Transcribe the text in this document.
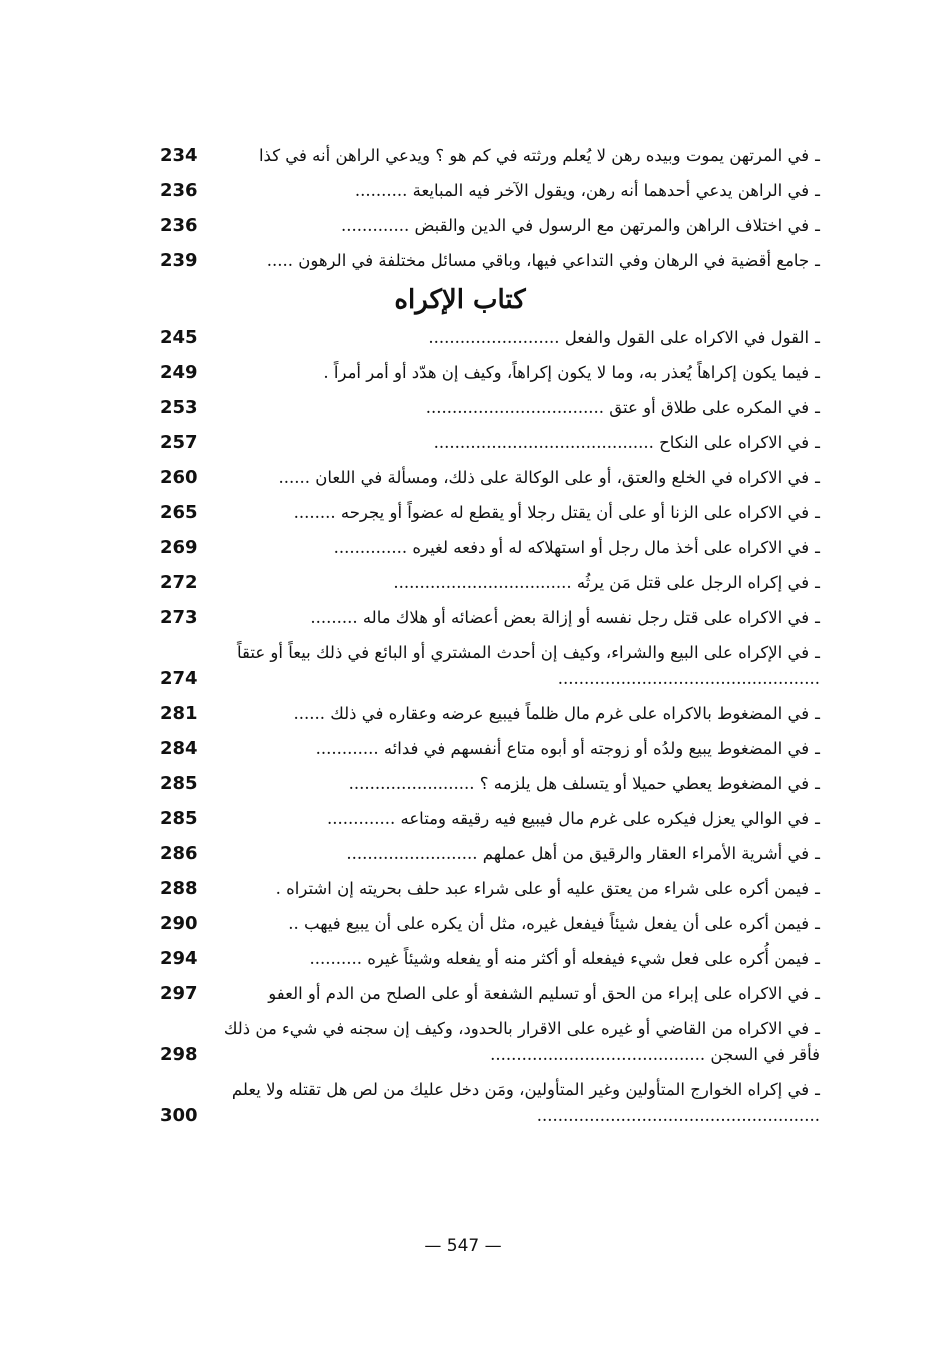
ـفي المرتهن يموت وبيده رهن لا يُعلم ورثته في كم هو ؟ ويدعي الراهن أنه في كذا
234
ـفي الراهن يدعي أحدهما أنه رهن، ويقول الآخر فيه المبايعة ..........
236
ـفي اختلاف الراهن والمرتهن مع الرسول في الدين والقبض .............
236
ـجامع أقضية في الرهان وفي التداعي فيها، وباقي مسائل مختلفة في الرهون .....
239
كتاب الإكراه
ـالقول في الاكراه على القول والفعل .........................
245
ـفيما يكون إكراهاً يُعذر به، وما لا يكون إكراهاً، وكيف إن هدّد أو أمر أمراً .
249
ـفي المكره على طلاق أو عتق ..................................
253
ـفي الاكراه على النكاح ..........................................
257
ـفي الاكراه في الخلع والعتق، أو على الوكالة على ذلك، ومسألة في اللعان ......
260
ـفي الاكراه على الزنا أو على أن يقتل رجلا أو يقطع له عضواً أو يجرحه ........
265
ـفي الاكراه على أخذ مال رجل أو استهلاكه له أو دفعه لغيره ..............
269
ـفي إكراه الرجل على قتل مَن يرثُه ..................................
272
ـفي الاكراه على قتل رجل نفسه أو إزالة بعض أعضائه أو هلاك ماله .........
273
ـفي الإكراه على البيع والشراء، وكيف إن أحدث المشتري أو البائع في ذلك بيعاً أو عتقاً ..................................................
274
ـفي المضغوط بالاكراه على غرم مال ظلماً فيبيع عرضه وعقاره في ذلك ......
281
ـفي المضغوط يبيع ولدُه أو زوجته أو أبوه متاع أنفسهم في فدائه ............
284
ـفي المضغوط يعطي حميلا أو يتسلف هل يلزمه ؟ ........................
285
ـفي الوالي يعزل فيكره على غرم مال فيبيع فيه رقيقه ومتاعه .............
285
ـفي أشرية الأمراء العقار والرقيق من أهل عملهم .........................
286
ـفيمن أكره على شراء من يعتق عليه أو على شراء عبد حلف بحريته إن اشتراه .
288
ـفيمن أكره على أن يفعل شيئاً فيفعل غيره، مثل أن يكره على أن يبيع فيهب ..
290
ـفيمن أُكره على فعل شيء فيفعله أو أكثر منه أو يفعله وشيئاً غيره ..........
294
ـفي الاكراه على إبراء من الحق أو تسليم الشفعة أو على الصلح من الدم أو العفو
297
ـفي الاكراه من القاضي أو غيره على الاقرار بالحدود، وكيف إن سجنه في شيء من ذلك فأقر في السجن .........................................
298
ـفي إكراه الخوارج المتأولين وغير المتأولين، ومَن دخل عليك من لص هل تقتله ولا يعلم ......................................................
300
— 547 —
